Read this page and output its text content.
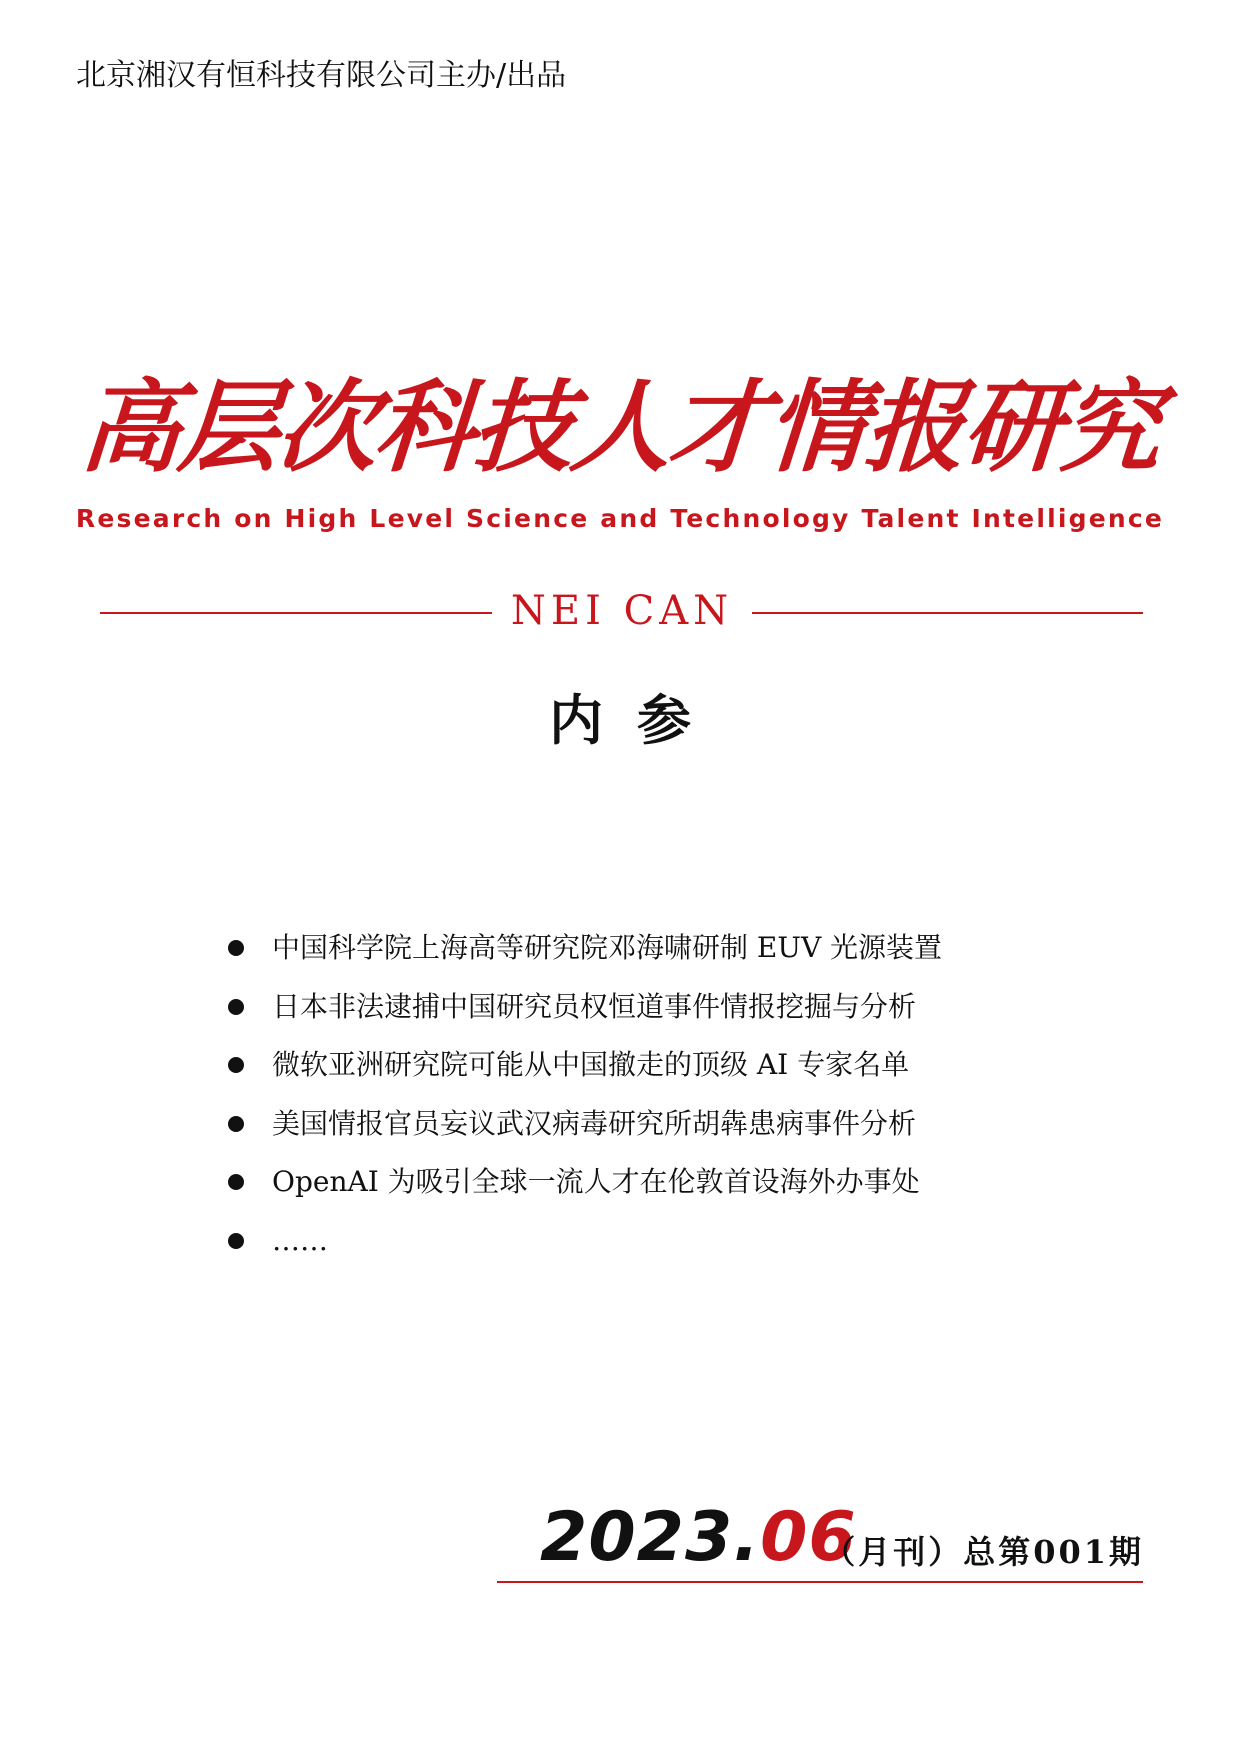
北京湘汉有恒科技有限公司主办/出品
高层次科技人才情报研究
Research on High Level Science and Technology Talent Intelligence
NEI CAN
内参
中国科学院上海高等研究院邓海啸研制 EUV 光源装置
日本非法逮捕中国研究员权恒道事件情报挖掘与分析
微软亚洲研究院可能从中国撤走的顶级 AI 专家名单
美国情报官员妄议武汉病毒研究所胡犇患病事件分析
OpenAI 为吸引全球一流人才在伦敦首设海外办事处
……
2023.06
（月刊）总第001期
